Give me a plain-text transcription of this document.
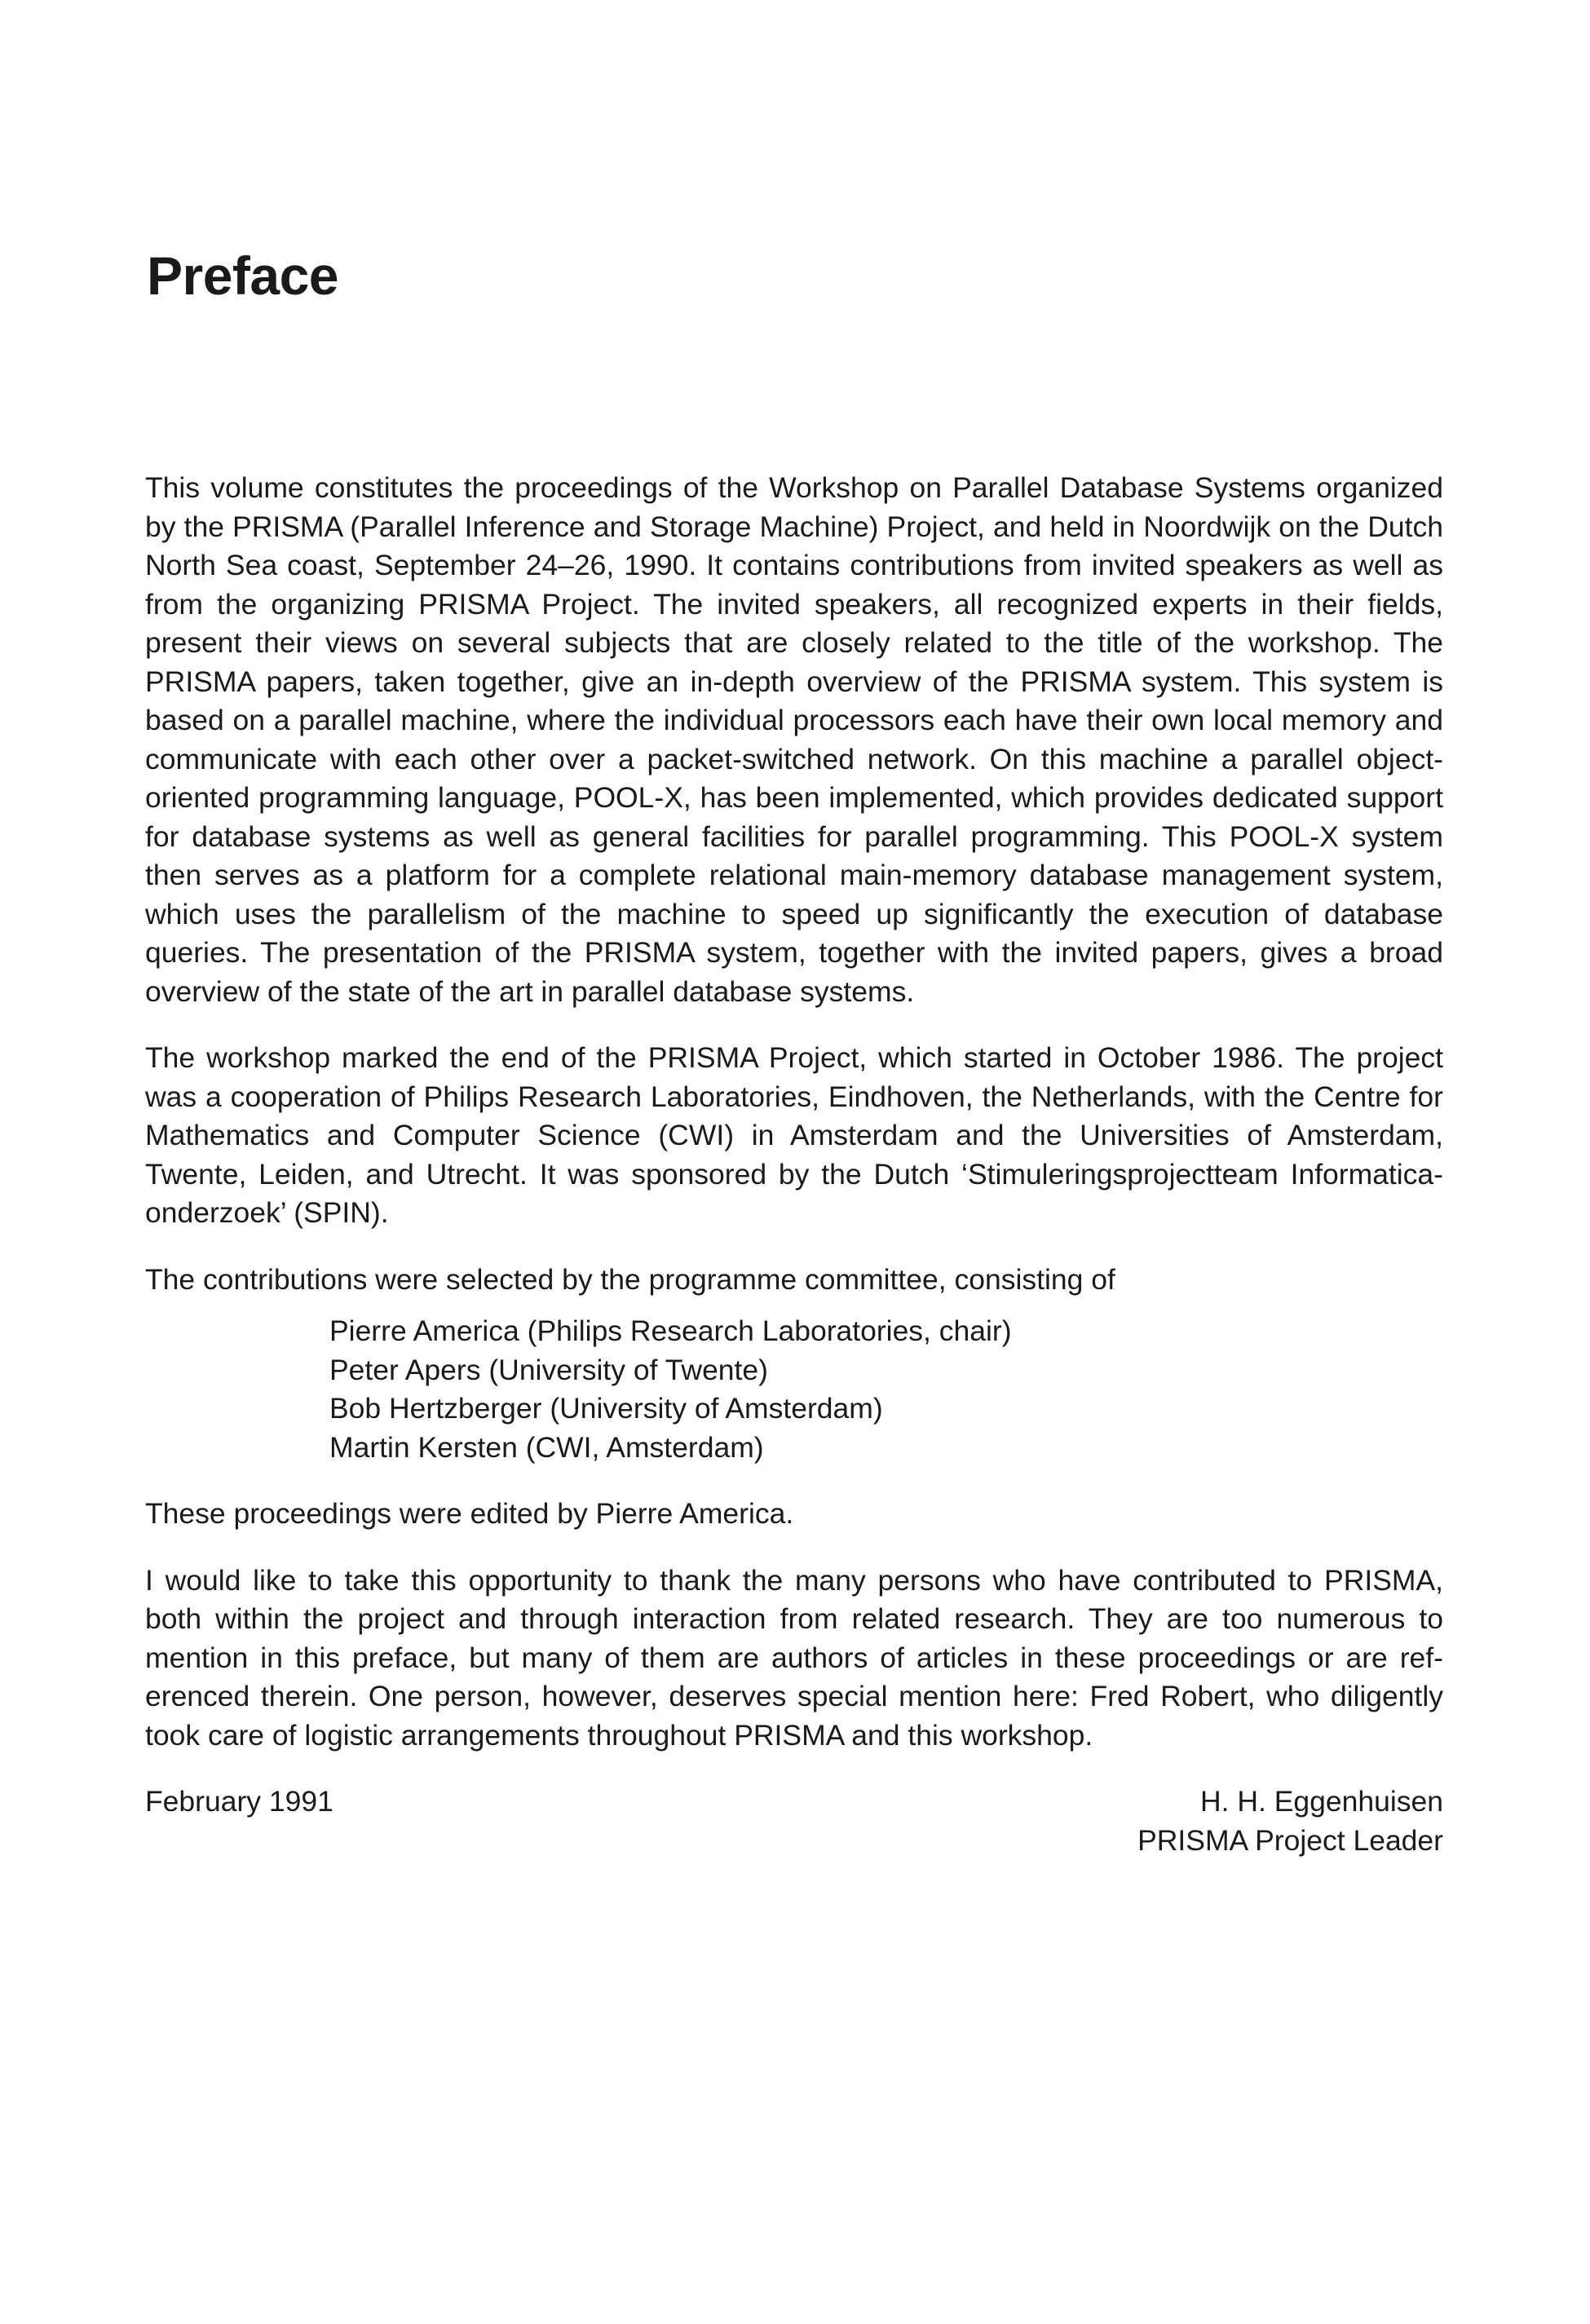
Preface

This volume constitutes the proceedings of the Workshop on Parallel Database Systems organized by the PRISMA (Parallel Inference and Storage Machine) Project, and held in Noordwijk on the Dutch North Sea coast, September 24–26, 1990. It contains contributions from invited speakers as well as from the organizing PRISMA Project. The invited speakers, all recognized experts in their fields, present their views on several subjects that are closely related to the title of the workshop. The PRISMA papers, taken together, give an in-depth overview of the PRISMA system. This system is based on a parallel machine, where the individual processors each have their own local memory and communicate with each other over a packet-switched network. On this machine a parallel object-oriented programming language, POOL-X, has been implemented, which provides dedicated support for database systems as well as general facilities for parallel programming. This POOL-X system then serves as a platform for a complete relational main-memory database management system, which uses the parallelism of the machine to speed up significantly the execution of database queries. The presentation of the PRISMA system, together with the invited papers, gives a broad overview of the state of the art in parallel database systems.

The workshop marked the end of the PRISMA Project, which started in October 1986. The project was a cooperation of Philips Research Laboratories, Eindhoven, the Netherlands, with the Centre for Mathematics and Computer Science (CWI) in Amsterdam and the Universities of Amsterdam, Twente, Leiden, and Utrecht. It was sponsored by the Dutch ‘Stimuleringsprojectteam Informatica-onderzoek’ (SPIN).

The contributions were selected by the programme committee, consisting of

Pierre America (Philips Research Laboratories, chair)
Peter Apers (University of Twente)
Bob Hertzberger (University of Amsterdam)
Martin Kersten (CWI, Amsterdam)

These proceedings were edited by Pierre America.

I would like to take this opportunity to thank the many persons who have contributed to PRISMA, both within the project and through interaction from related research. They are too numerous to mention in this preface, but many of them are authors of articles in these proceedings or are referenced therein. One person, however, deserves special mention here: Fred Robert, who diligently took care of logistic arrangements throughout PRISMA and this workshop.

February 1991	H. H. Eggenhuisen
PRISMA Project Leader
